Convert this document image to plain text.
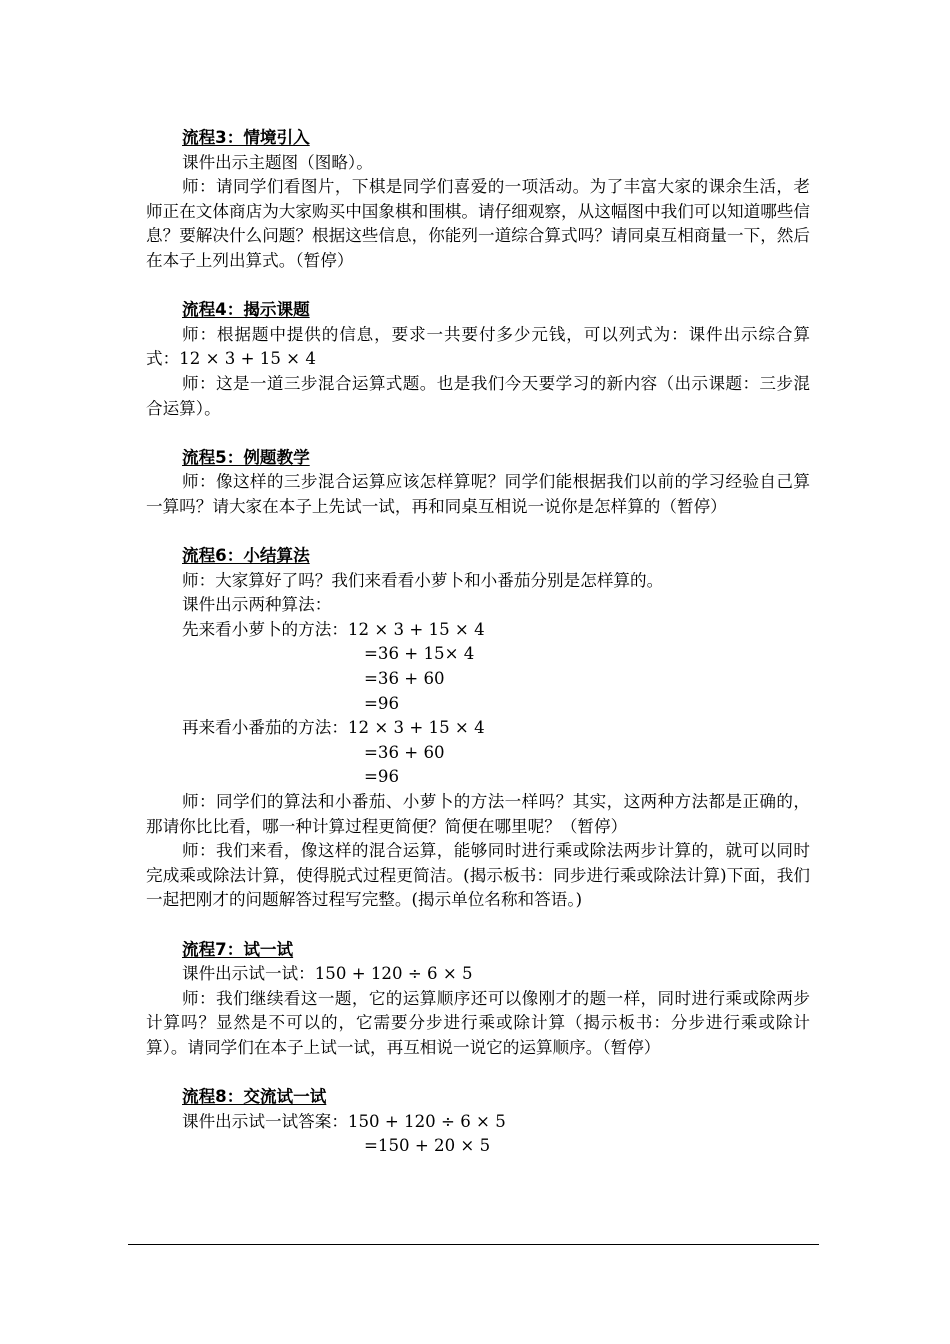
流程3：情境引入
课件出示主题图（图略）。

师：请同学们看图片，下棋是同学们喜爱的一项活动。为了丰富大家的课余生活，老师正在文体商店为大家购买中国象棋和围棋。请仔细观察，从这幅图中我们可以知道哪些信息？要解决什么问题？根据这些信息，你能列一道综合算式吗？请同桌互相商量一下，然后在本子上列出算式。（暂停）

流程4：揭示课题

师：根据题中提供的信息，要求一共要付多少元钱，可以列式为：课件出示综合算式：12 × 3 + 15 × 4

师：这是一道三步混合运算式题。也是我们今天要学习的新内容（出示课题：三步混合运算）。

流程5：例题教学

师：像这样的三步混合运算应该怎样算呢？同学们能根据我们以前的学习经验自己算一算吗？请大家在本子上先试一试，再和同桌互相说一说你是怎样算的（暂停）

流程6：小结算法

师：大家算好了吗？我们来看看小萝卜和小番茄分别是怎样算的。

课件出示两种算法：
先来看小萝卜的方法：12 × 3 + 15 × 4
=36 + 15× 4
=36 + 60
=96
再来看小番茄的方法：12 × 3 + 15 × 4
=36 + 60
=96

师：同学们的算法和小番茄、小萝卜的方法一样吗？其实，这两种方法都是正确的，那请你比比看，哪一种计算过程更简便？简便在哪里呢？（暂停）

师：我们来看，像这样的混合运算，能够同时进行乘或除法两步计算的，就可以同时完成乘或除法计算，使得脱式过程更简洁。(揭示板书：同步进行乘或除法计算)下面，我们一起把刚才的问题解答过程写完整。(揭示单位名称和答语。)

流程7：试一试
课件出示试一试：150 + 120 ÷ 6 × 5

师：我们继续看这一题，它的运算顺序还可以像刚才的题一样，同时进行乘或除两步计算吗？显然是不可以的，它需要分步进行乘或除计算（揭示板书：分步进行乘或除计算）。请同学们在本子上试一试，再互相说一说它的运算顺序。（暂停）

流程8：交流试一试
课件出示试一试答案：150 + 120 ÷ 6 × 5
=150 + 20 × 5
